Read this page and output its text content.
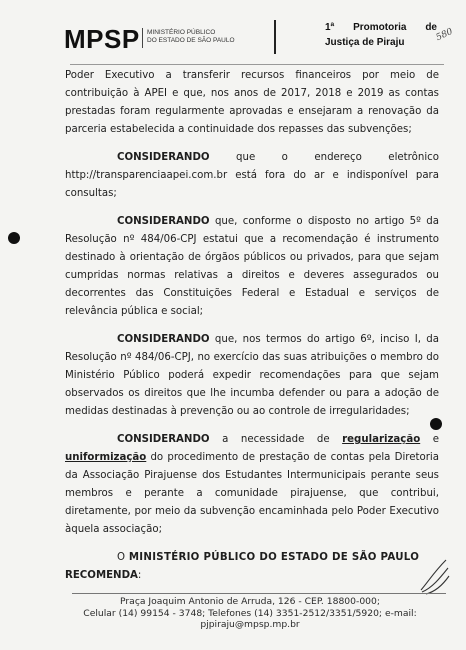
MPSP MINISTÉRIO PÚBLICO
DO ESTADO DE SÃO PAULO
1ª Promotoria de
Justiça de Piraju	580

Poder Executivo a transferir recursos financeiros por meio de contribuição à APEI e que, nos anos de 2017, 2018 e 2019 as contas prestadas foram regularmente aprovadas e ensejaram a renovação da parceria estabelecida a continuidade dos repasses das subvenções;

CONSIDERANDO que o endereço eletrônico http://transparenciaapei.com.br está fora do ar e indisponível para consultas;

CONSIDERANDO que, conforme o disposto no artigo 5º da Resolução nº 484/06-CPJ estatui que a recomendação é instrumento destinado à orientação de órgãos públicos ou privados, para que sejam cumpridas normas relativas a direitos e deveres assegurados ou decorrentes das Constituições Federal e Estadual e serviços de relevância pública e social;

CONSIDERANDO que, nos termos do artigo 6º, inciso I, da Resolução nº 484/06-CPJ, no exercício das suas atribuições o membro do Ministério Público poderá expedir recomendações para que sejam observados os direitos que lhe incumba defender ou para a adoção de medidas destinadas à prevenção ou ao controle de irregularidades;

CONSIDERANDO a necessidade de regularização e uniformização do procedimento de prestação de contas pela Diretoria da Associação Pirajuense dos Estudantes Intermunicipais perante seus membros e perante a comunidade pirajuense, que contribui, diretamente, por meio da subvenção encaminhada pelo Poder Executivo àquela associação;

O MINISTÉRIO PÚBLICO DO ESTADO DE SÃO PAULO

RECOMENDA:

Praça Joaquim Antonio de Arruda, 126 - CEP. 18800-000;
Celular (14) 99154 - 3748; Telefones (14) 3351-2512/3351/5920; e-mail:
pjpiraju@mpsp.mp.br
